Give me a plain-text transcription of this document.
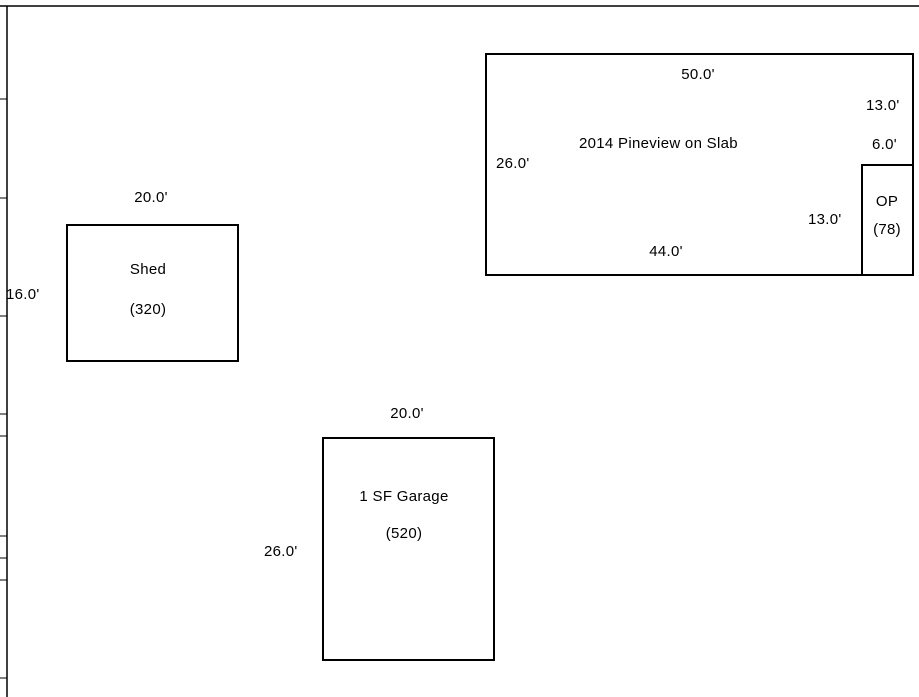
50.0'
13.0'
2014 Pineview on Slab	6.0'
26.0'
13.0'
44.0'
OP
(78)
20.0'
Shed
16.0'
(320)
20.0'
1 SF Garage
(520)
26.0'
